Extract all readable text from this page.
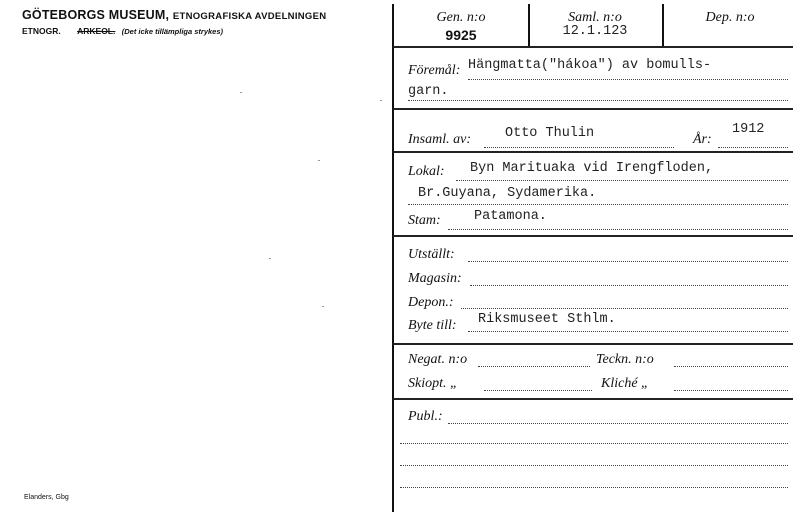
GÖTEBORGS MUSEUM, ETNOGRAFISKA AVDELNINGEN
ETNOGR. ARKEOL. (Det icke tillämpliga strykes)
Elanders, Gbg
Gen. n:o
9925
Saml. n:o
12.1.123
Dep. n:o
Föremål: Hängmatta("hákoa") av bomulls-
garn.
Insaml. av:	Otto Thulin	År:
1912
Lokal: Byn Marituaka vid Irengfloden,
Br.Guyana, Sydamerika.
Stam: Patamona.
Utställt:
Magasin:
Depon.:
Byte till: Riksmuseet Sthlm.
Negat. n:o	Teckn. n:o
Skiopt. „	Kliché „
Publ.:
